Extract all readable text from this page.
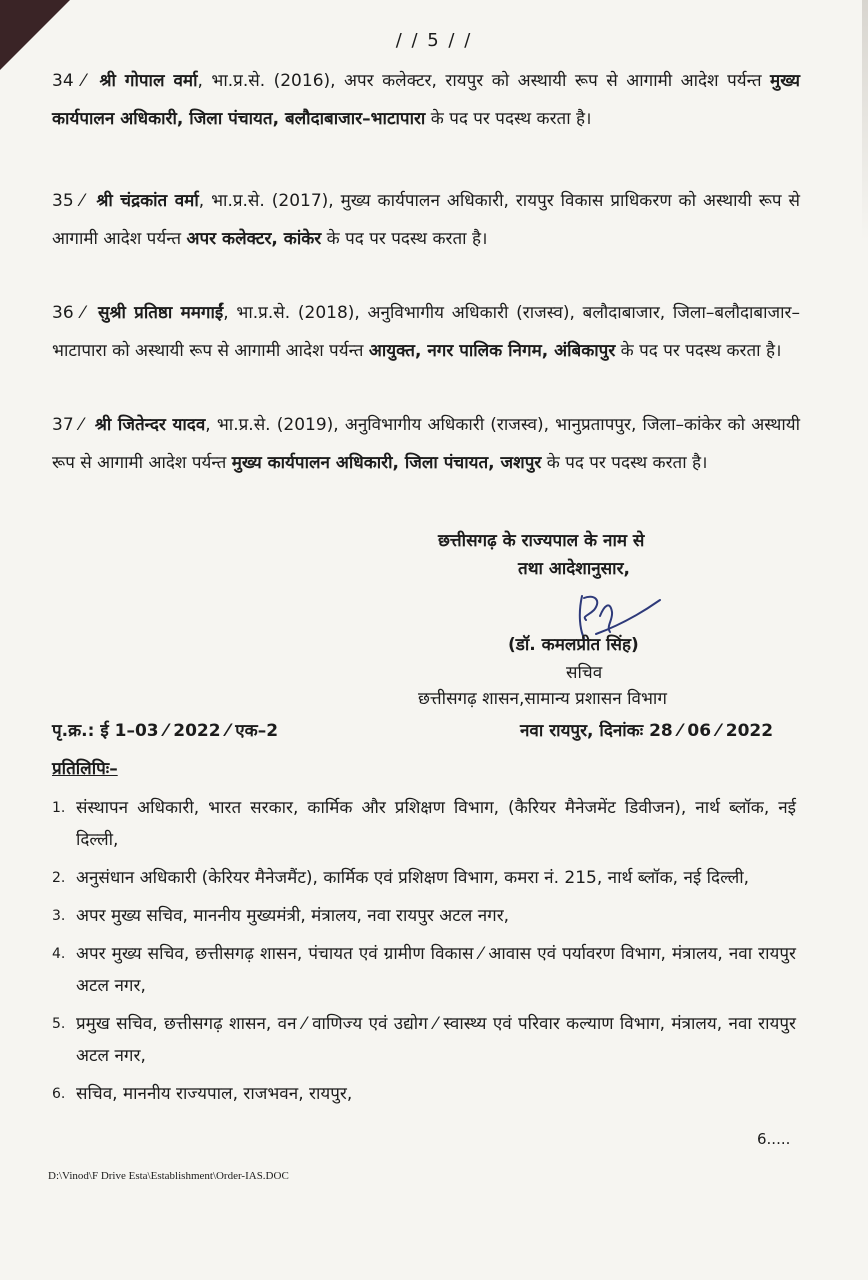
/ / 5 / /
34 ⁄ श्री गोपाल वर्मा, भा.प्र.से. (2016), अपर कलेक्टर, रायपुर को अस्थायी रूप से आगामी आदेश पर्यन्त मुख्य कार्यपालन अधिकारी, जिला पंचायत, बलौदाबाजार–भाटापारा के पद पर पदस्थ करता है।
35 ⁄ श्री चंद्रकांत वर्मा, भा.प्र.से. (2017), मुख्य कार्यपालन अधिकारी, रायपुर विकास प्राधिकरण को अस्थायी रूप से आगामी आदेश पर्यन्त अपर कलेक्टर, कांकेर के पद पर पदस्थ करता है।
36 ⁄ सुश्री प्रतिष्ठा ममगाईं, भा.प्र.से. (2018), अनुविभागीय अधिकारी (राजस्व), बलौदाबाजार, जिला–बलौदाबाजार–भाटापारा को अस्थायी रूप से आगामी आदेश पर्यन्त आयुक्त, नगर पालिक निगम, अंबिकापुर के पद पर पदस्थ करता है।
37 ⁄ श्री जितेन्दर यादव, भा.प्र.से. (2019), अनुविभागीय अधिकारी (राजस्व), भानुप्रतापपुर, जिला–कांकेर को अस्थायी रूप से आगामी आदेश पर्यन्त मुख्य कार्यपालन अधिकारी, जिला पंचायत, जशपुर के पद पर पदस्थ करता है।
छत्तीसगढ़ के राज्यपाल के नाम से
तथा आदेशानुसार,
(डॉ. कमलप्रीत सिंह)
सचिव
छत्तीसगढ़ शासन,सामान्य प्रशासन विभाग
पृ.क्र.: ई 1–03 ⁄ 2022 ⁄ एक–2	नवा रायपुर, दिनांकः 28 ⁄ 06 ⁄ 2022
प्रतिलिपिः–
1. संस्थापन अधिकारी, भारत सरकार, कार्मिक और प्रशिक्षण विभाग, (कैरियर मैनेजमेंट डिवीजन), नार्थ ब्लॉक, नई दिल्ली,
2. अनुसंधान अधिकारी (केरियर मैनेजमैंट), कार्मिक एवं प्रशिक्षण विभाग, कमरा नं. 215, नार्थ ब्लॉक, नई दिल्ली,
3. अपर मुख्य सचिव, माननीय मुख्यमंत्री, मंत्रालय, नवा रायपुर अटल नगर,
4. अपर मुख्य सचिव, छत्तीसगढ़ शासन, पंचायत एवं ग्रामीण विकास ⁄ आवास एवं पर्यावरण विभाग, मंत्रालय, नवा रायपुर अटल नगर,
5. प्रमुख सचिव, छत्तीसगढ़ शासन, वन ⁄ वाणिज्य एवं उद्योग ⁄ स्वास्थ्य एवं परिवार कल्याण विभाग, मंत्रालय, नवा रायपुर अटल नगर,
6. सचिव, माननीय राज्यपाल, राजभवन, रायपुर,
6.....
D:\Vinod\F Drive Esta\Establishment\Order-IAS.DOC
